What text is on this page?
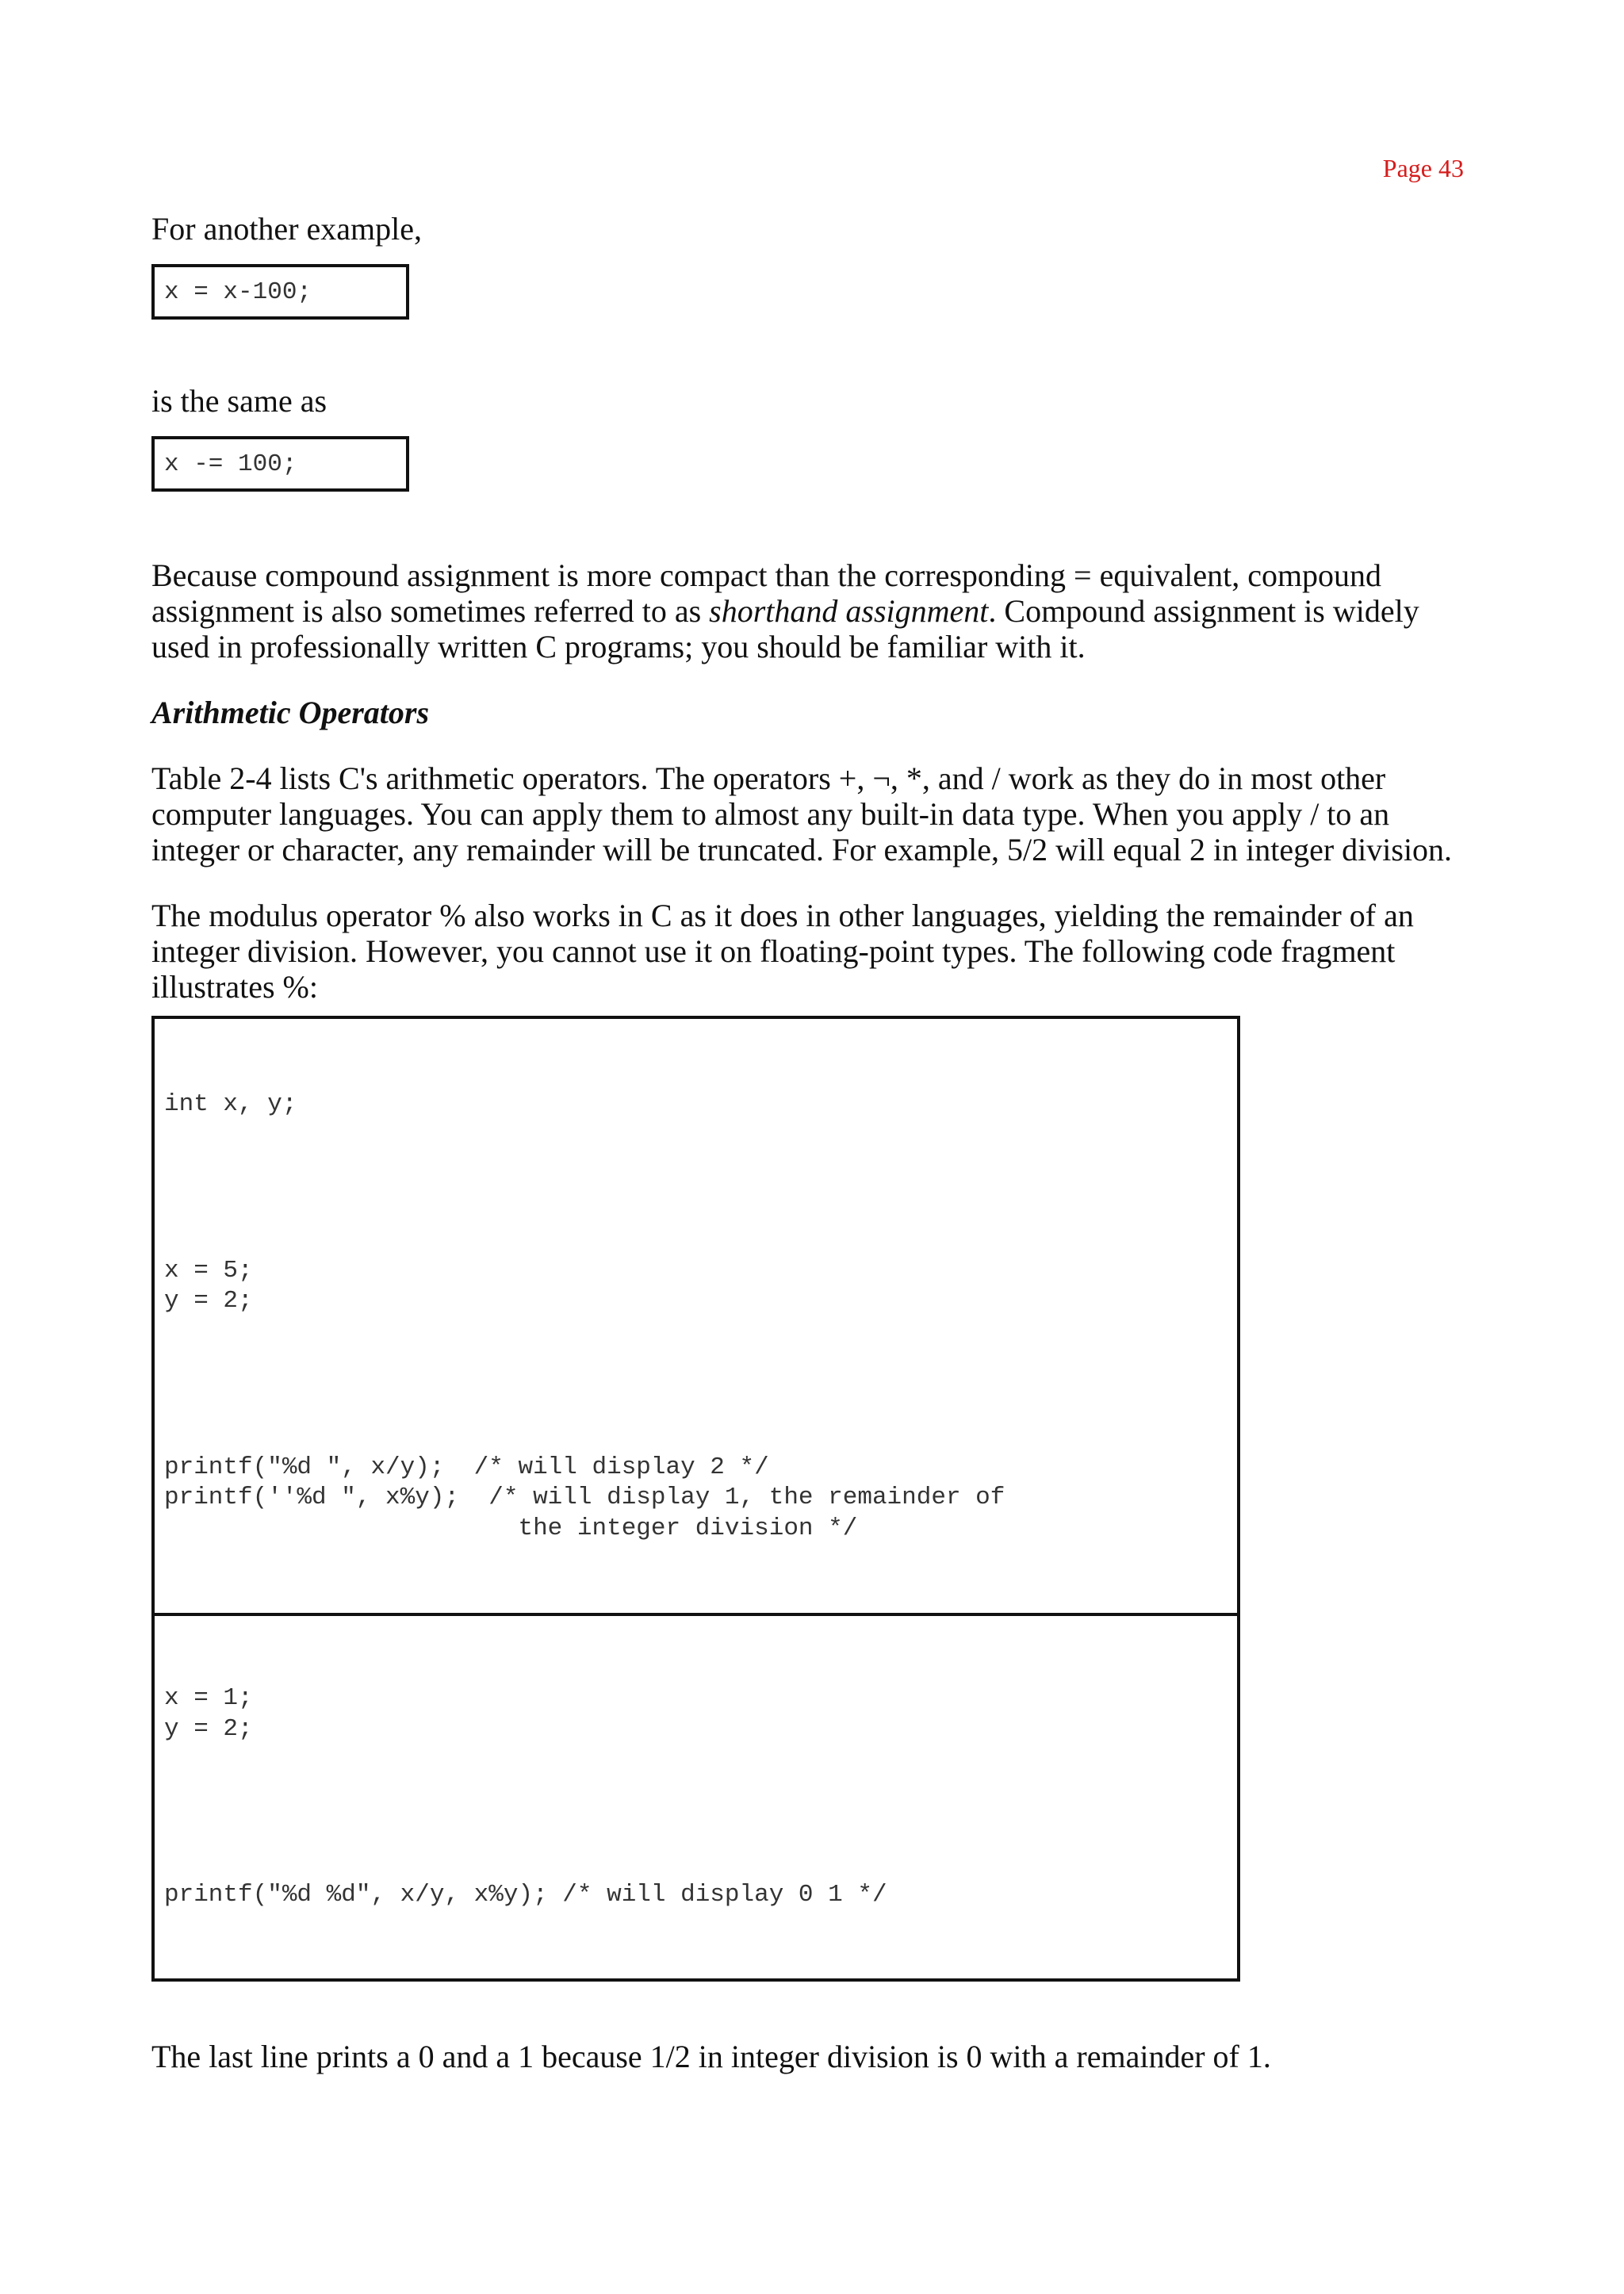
Page 43

For another example,

x = x-100;

is the same as

x -= 100;

Because compound assignment is more compact than the corresponding = equivalent, compound assignment is also sometimes referred to as shorthand assignment. Compound assignment is widely used in professionally written C programs; you should be familiar with it.

Arithmetic Operators

Table 2-4 lists C's arithmetic operators. The operators +, ¬, *, and / work as they do in most other computer languages. You can apply them to almost any built-in data type. When you apply / to an integer or character, any remainder will be truncated. For example, 5/2 will equal 2 in integer division.

The modulus operator % also works in C as it does in other languages, yielding the remainder of an integer division. However, you cannot use it on floating-point types. The following code fragment illustrates %:

int x, y;

x = 5;
y = 2;

printf("%d ", x/y);  /* will display 2 */
printf(''%d ", x%y);  /* will display 1, the remainder of
the integer division */

x = 1;
y = 2;

printf("%d %d", x/y, x%y); /* will display 0 1 */

The last line prints a 0 and a 1 because 1/2 in integer division is 0 with a remainder of 1.
